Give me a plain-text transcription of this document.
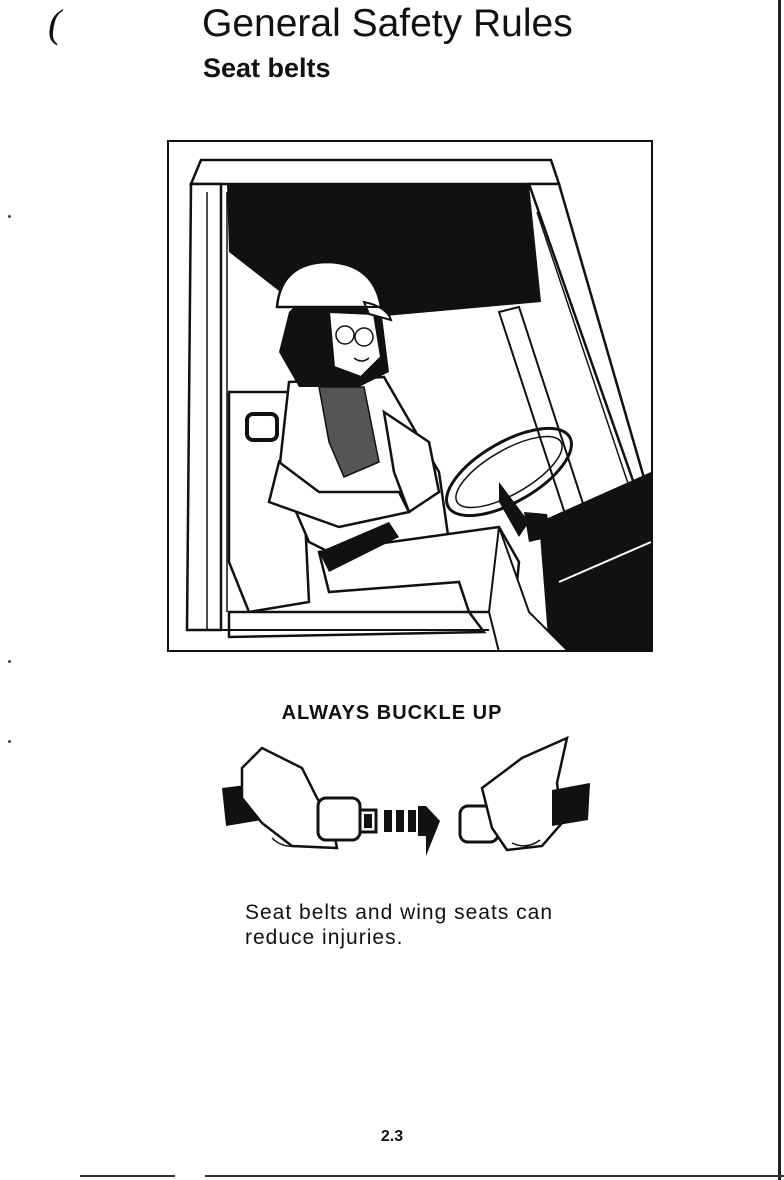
(	General Safety Rules
Seat belts
ALWAYS BUCKLE UP
Seat belts and wing seats can
reduce injuries.
2.3
